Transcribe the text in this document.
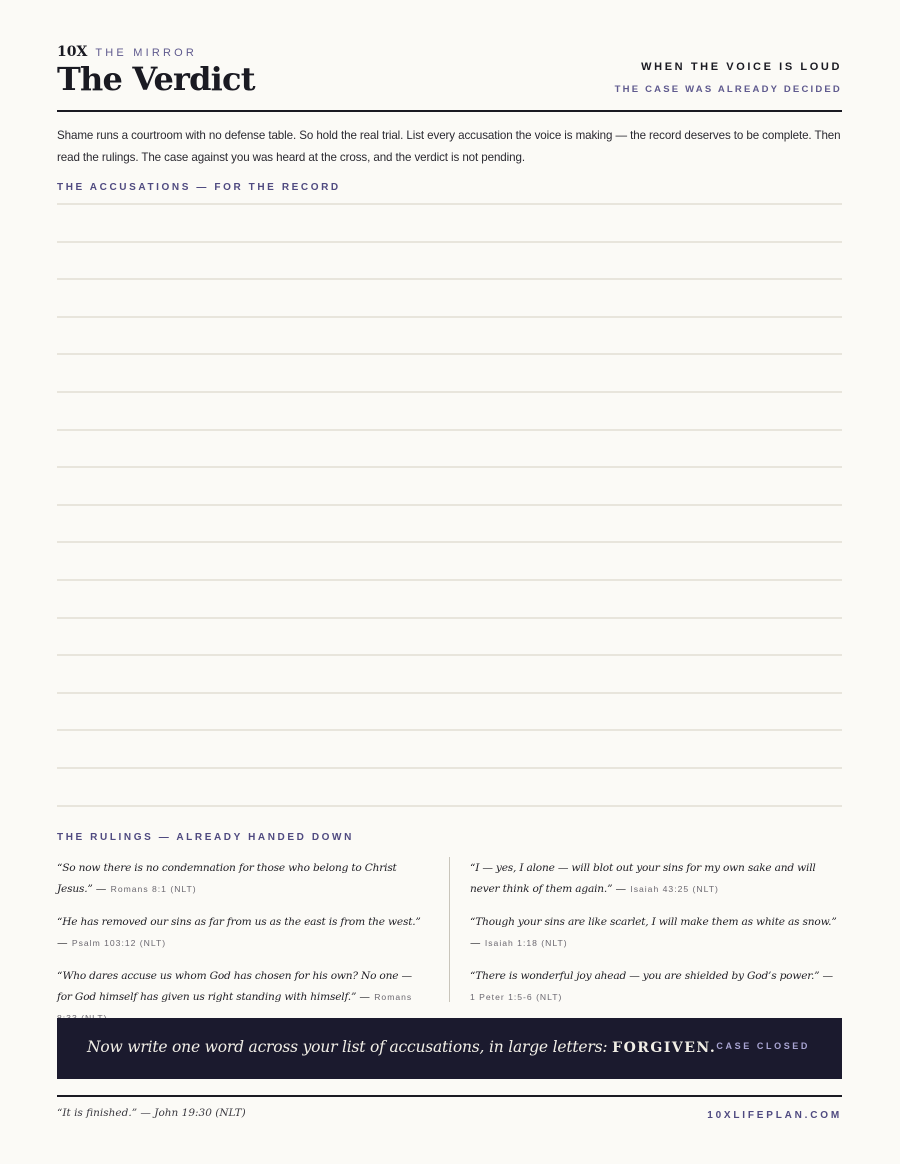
10X THE MIRROR
The Verdict	WHEN THE VOICE IS LOUD
THE CASE WAS ALREADY DECIDED
Shame runs a courtroom with no defense table. So hold the real trial. List every accusation the voice is making — the record deserves to be complete. Then read the rulings. The case against you was heard at the cross, and the verdict is not pending.
THE ACCUSATIONS — FOR THE RECORD
THE RULINGS — ALREADY HANDED DOWN
“So now there is no condemnation for those who belong to Christ Jesus.” — Romans 8:1 (NLT)
“He has removed our sins as far from us as the east is from the west.” — Psalm 103:12 (NLT)
“Who dares accuse us whom God has chosen for his own? No one — for God himself has given us right standing with himself.” — Romans
“I — yes, I alone — will blot out your sins for my own sake and will never think of them again.” — Isaiah 43:25 (NLT)
“Though your sins are like scarlet, I will make them as white as snow.” — Isaiah 1:18 (NLT)
“There is wonderful joy ahead — you are shielded by God’s power.” — 1 Peter 1:5-6 (NLT)
Now write one word across your list of accusations, in large letters: FORGIVEN. CASE CLOSED
“It is finished.” — John 19:30 (NLT)	10XLIFEPLAN.COM
